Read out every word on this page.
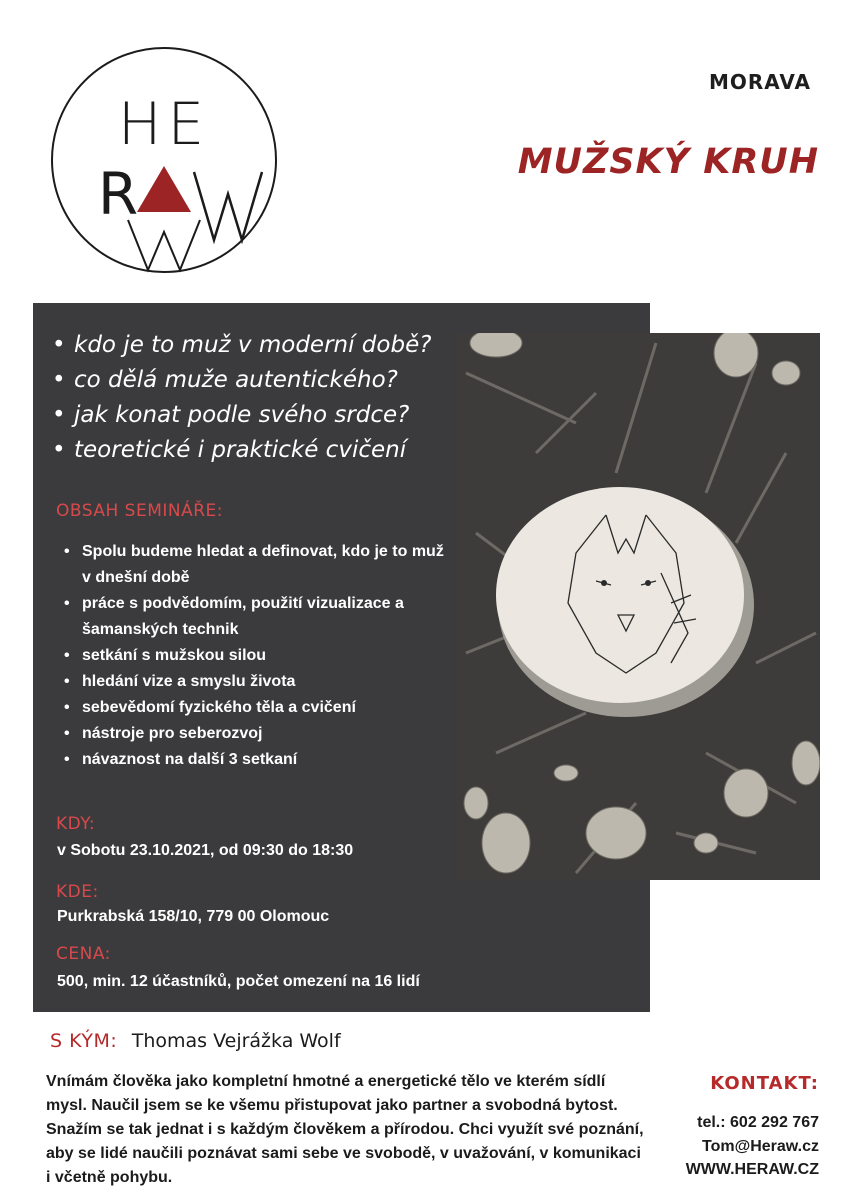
HE
R
MORAVA
MUŽSKÝ KRUH
• kdo je to muž v moderní době?
• co dělá muže autentického?
• jak konat podle svého srdce?
• teoretické i praktické cvičení
OBSAH SEMINÁŘE:
• Spolu budeme hledat a definovat, kdo je to muž v dnešní době
• práce s podvědomím, použití vizualizace a šamanských technik
• setkání s mužskou silou
• hledání vize a smyslu života
• sebevědomí fyzického těla a cvičení
• nástroje pro seberozvoj
• návaznost na další 3 setkaní
KDY:
v Sobotu 23.10.2021, od 09:30 do 18:30
KDE:
Purkrabská 158/10, 779 00 Olomouc
CENA:
500, min. 12 účastníků, počet omezení na 16 lidí
S KÝM: Thomas Vejrážka Wolf

Vnímám člověka jako kompletní hmotné a energetické tělo ve kterém sídlí mysl. Naučil jsem se ke všemu přistupovat jako partner a svobodná bytost. Snažím se tak jednat i s každým člověkem a přírodou. Chci využít své poznání, aby se lidé naučili poznávat sami sebe ve svobodě, v uvažování, v komunikaci i včetně pohybu.

KONTAKT:
tel.: 602 292 767
Tom@Heraw.cz
WWW.HERAW.CZ
